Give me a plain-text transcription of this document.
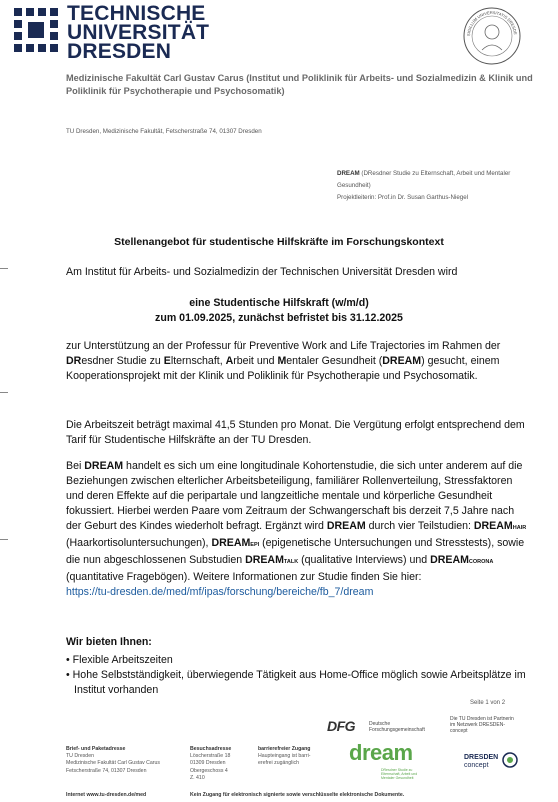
TECHNISCHE
UNIVERSITÄT
DRESDEN
SIGILLUM UNIVERSITATIS DRESDE
Medizinische Fakultät Carl Gustav Carus (Institut und Poliklinik für Arbeits- und Sozialmedizin & Klinik und Poliklinik für Psychotherapie und Psychosomatik)
TU Dresden, Medizinische Fakultät, Fetscherstraße 74, 01307 Dresden
DREAM (DResdner Studie zu Elternschaft, Arbeit und Mentaler Gesundheit)
Projektleiterin: Prof.in Dr. Susan Garthus-Niegel
Stellenangebot für studentische Hilfskräfte im Forschungskontext
Am Institut für Arbeits- und Sozialmedizin der Technischen Universität Dresden wird
eine Studentische Hilfskraft (w/m/d)
zum 01.09.2025, zunächst befristet bis 31.12.2025
zur Unterstützung an der Professur für Preventive Work and Life Trajectories im Rahmen der DResdner Studie zu Elternschaft, Arbeit und Mentaler Gesundheit (DREAM) gesucht, einem Kooperationsprojekt mit der Klinik und Poliklinik für Psychotherapie und Psychosomatik.
Die Arbeitszeit beträgt maximal 41,5 Stunden pro Monat. Die Vergütung erfolgt entsprechend dem Tarif für Studentische Hilfskräfte an der TU Dresden.
Bei DREAM handelt es sich um eine longitudinale Kohortenstudie, die sich unter anderem auf die Beziehungen zwischen elterlicher Arbeitsbeteiligung, familiärer Rollenverteilung, Stressfaktoren und deren Effekte auf die peripartale und langzeitliche mentale und körperliche Gesundheit fokussiert. Hierbei werden Paare vom Zeitraum der Schwangerschaft bis derzeit 7,5 Jahre nach der Geburt des Kindes wiederholt befragt. Ergänzt wird DREAM durch vier Teilstudien: DREAMHAIR (Haarkortisoluntersuchungen), DREAMEPI (epigenetische Untersuchungen und Stresstests), sowie die nun abgeschlossenen Substudien DREAMTALK (qualitative Interviews) und DREAMCORONA (quantitative Fragebögen). Weitere Informationen zur Studie finden Sie hier:
https://tu-dresden.de/med/mf/ipas/forschung/bereiche/fb_7/dream
Wir bieten Ihnen:
• Flexible Arbeitszeiten
• Hohe Selbstständigkeit, überwiegende Tätigkeit aus Home-Office möglich sowie Arbeitsplätze im Institut vorhanden
Seite 1 von 2
Brief- und Paketadresse
TU Dresden
Medizinische Fakultät Carl Gustav Carus
Fetscherstraße 74, 01307 Dresden
Besuchsadresse
Löscherstraße 18
01309 Dresden
Obergeschoss 4
Z. 410
barrierefreier Zugang
Haupteingang ist barri-
erefrei zugänglich
DFG	Deutsche Forschungsgemeinschaft
dream
DResdner Studie zu Elternschaft, Arbeit und Mentaler Gesundheit
Die TU Dresden ist Partnerin im Netzwerk DRESDEN-concept
DRESDEN
concept
Internet www.tu-dresden.de/med	Kein Zugang für elektronisch signierte sowie verschlüsselte elektronische Dokumente.
